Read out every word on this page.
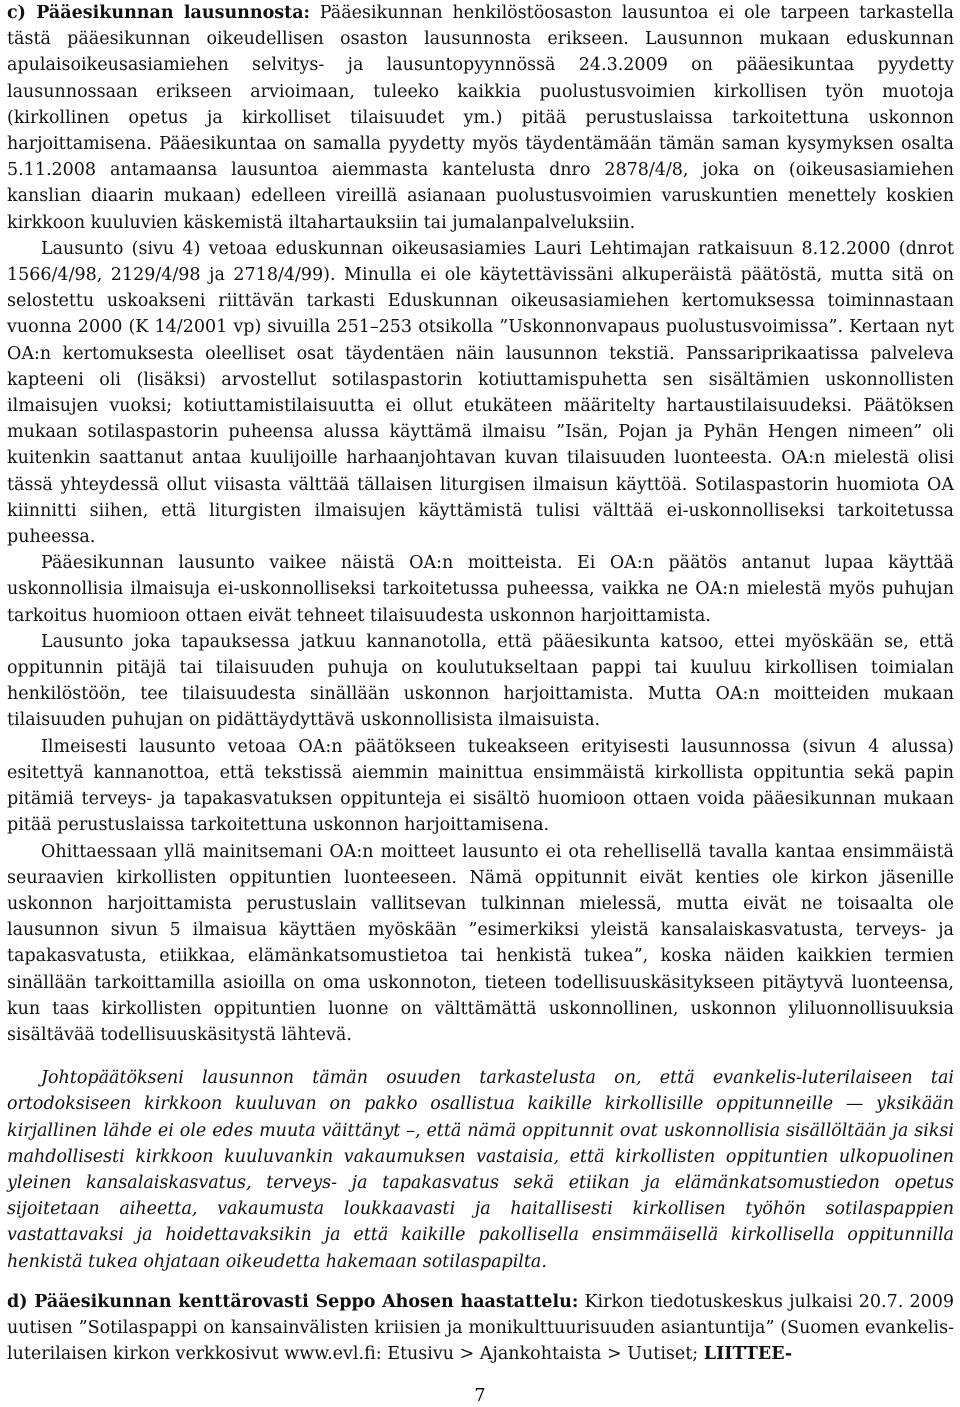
c) Pääesikunnan lausunnosta: Pääesikunnan henkilöstöosaston lausuntoa ei ole tarpeen tarkastella tästä pääesikunnan oikeudellisen osaston lausunnosta erikseen. Lausunnon mukaan eduskunnan apulaisoikeusasiamiehen selvitys- ja lausuntopyynnössä 24.3.2009 on pääesikuntaa pyydetty lausunnossaan erikseen arvioimaan, tuleeko kaikkia puolustusvoimien kirkollisen työn muotoja (kirkollinen opetus ja kirkolliset tilaisuudet ym.) pitää perustuslaissa tarkoitettuna uskonnon harjoittamisena. Pääesikuntaa on samalla pyydetty myös täydentämään tämän saman kysymyksen osalta 5.11.2008 antamaansa lausuntoa aiemmasta kantelusta dnro 2878/4/8, joka on (oikeusasiamiehen kanslian diaarin mukaan) edelleen vireillä asianaan puolustusvoimien varuskuntien menettely koskien kirkkoon kuuluvien käskemistä iltahartauksiin tai jumalanpalveluksiin.

Lausunto (sivu 4) vetoaa eduskunnan oikeusasiamies Lauri Lehtimajan ratkaisuun 8.12.2000 (dnrot 1566/4/98, 2129/4/98 ja 2718/4/99). Minulla ei ole käytettävissäni alkuperäistä päätöstä, mutta sitä on selostettu uskoakseni riittävän tarkasti Eduskunnan oikeusasiamiehen kertomuksessa toiminnastaan vuonna 2000 (K 14/2001 vp) sivuilla 251–253 otsikolla ”Uskonnonvapaus puolustusvoimissa”. Kertaan nyt OA:n kertomuksesta oleelliset osat täydentäen näin lausunnon tekstiä. Panssariprikaatissa palveleva kapteeni oli (lisäksi) arvostellut sotilaspastorin kotiuttamispuhetta sen sisältämien uskonnollisten ilmaisujen vuoksi; kotiuttamistilaisuutta ei ollut etukäteen määritelty hartaustilaisuudeksi. Päätöksen mukaan sotilaspastorin puheensa alussa käyttämä ilmaisu ”Isän, Pojan ja Pyhän Hengen nimeen” oli kuitenkin saattanut antaa kuulijoille harhaanjohtavan kuvan tilaisuuden luonteesta. OA:n mielestä olisi tässä yhteydessä ollut viisasta välttää tällaisen liturgisen ilmaisun käyttöä. Sotilaspastorin huomiota OA kiinnitti siihen, että liturgisten ilmaisujen käyttämistä tulisi välttää ei-uskonnolliseksi tarkoitetussa puheessa.

Pääesikunnan lausunto vaikee näistä OA:n moitteista. Ei OA:n päätös antanut lupaa käyttää uskonnollisia ilmaisuja ei-uskonnolliseksi tarkoitetussa puheessa, vaikka ne OA:n mielestä myös puhujan tarkoitus huomioon ottaen eivät tehneet tilaisuudesta uskonnon harjoittamista.

Lausunto joka tapauksessa jatkuu kannanotolla, että pääesikunta katsoo, ettei myöskään se, että oppitunnin pitäjä tai tilaisuuden puhuja on koulutukseltaan pappi tai kuuluu kirkollisen toimialan henkilöstöön, tee tilaisuudesta sinällään uskonnon harjoittamista. Mutta OA:n moitteiden mukaan tilaisuuden puhujan on pidättäydyttävä uskonnollisista ilmaisuista.

Ilmeisesti lausunto vetoaa OA:n päätökseen tukeakseen erityisesti lausunnossa (sivun 4 alussa) esitettyä kannanottoa, että tekstissä aiemmin mainittua ensimmäistä kirkollista oppituntia sekä papin pitämiä terveys- ja tapakasvatuksen oppitunteja ei sisältö huomioon ottaen voida pääesikunnan mukaan pitää perustuslaissa tarkoitettuna uskonnon harjoittamisena.

Ohittaessaan yllä mainitsemani OA:n moitteet lausunto ei ota rehellisellä tavalla kantaa ensimmäistä seuraavien kirkollisten oppituntien luonteeseen. Nämä oppitunnit eivät kenties ole kirkon jäsenille uskonnon harjoittamista perustuslain vallitsevan tulkinnan mielessä, mutta eivät ne toisaalta ole lausunnon sivun 5 ilmaisua käyttäen myöskään ”esimerkiksi yleistä kansalaiskasvatusta, terveys- ja tapakasvatusta, etiikkaa, elämänkatsomustietoa tai henkistä tukea”, koska näiden kaikkien termien sinällään tarkoittamilla asioilla on oma uskonnoton, tieteen todellisuuskäsitykseen pitäytyvä luonteensa, kun taas kirkollisten oppituntien luonne on välttämättä uskonnollinen, uskonnon yliluonnollisuuksia sisältävää todellisuuskäsitystä lähtevä.

Johtopäätökseni lausunnon tämän osuuden tarkastelusta on, että evankelis-luterilaiseen tai ortodoksiseen kirkkoon kuuluvan on pakko osallistua kaikille kirkollisille oppitunneille — yksikään kirjallinen lähde ei ole edes muuta väittänyt –, että nämä oppitunnit ovat uskonnollisia sisällöltään ja siksi mahdollisesti kirkkoon kuuluvankin vakaumuksen vastaisia, että kirkollisten oppituntien ulkopuolinen yleinen kansalaiskasvatus, terveys- ja tapakasvatus sekä etiikan ja elämänkatsomustiedon opetus sijoitetaan aiheetta, vakaumusta loukkaavasti ja haitallisesti kirkollisen työhön sotilaspappien vastattavaksi ja hoidettavaksikin ja että kaikille pakollisella ensimmäisellä kirkollisella oppitunnilla henkistä tukea ohjataan oikeudetta hakemaan sotilaspapilta.

d) Pääesikunnan kenttärovasti Seppo Ahosen haastattelu: Kirkon tiedotuskeskus julkaisi 20.7. 2009 uutisen ”Sotilaspappi on kansainvälisten kriisien ja monikulttuurisuuden asiantuntija” (Suomen evankelis-luterilaisen kirkon verkkosivut www.evl.fi: Etusivu > Ajankohtaista > Uutiset; LIITTEE-

7
